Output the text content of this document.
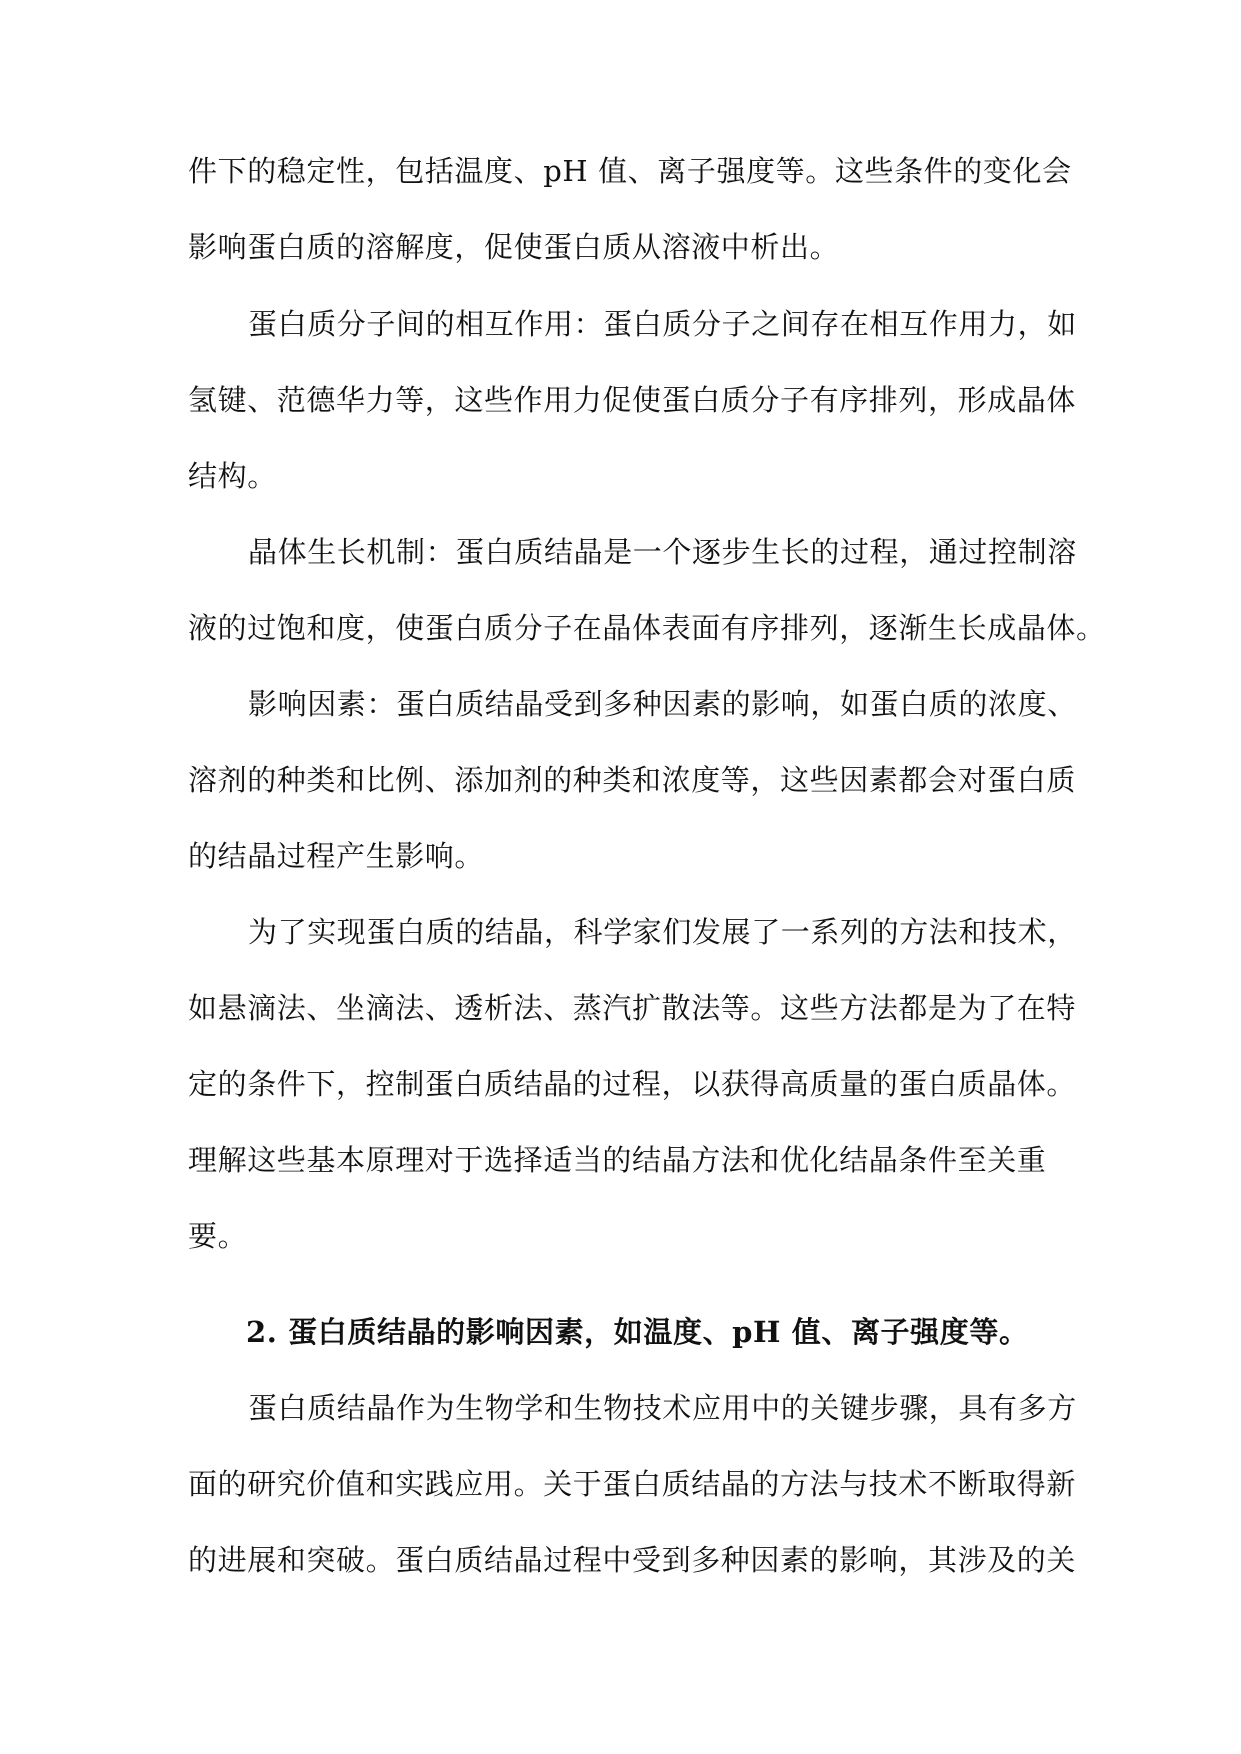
件下的稳定性，包括温度、pH 值、离子强度等。这些条件的变化会
影响蛋白质的溶解度，促使蛋白质从溶液中析出。
蛋白质分子间的相互作用：蛋白质分子之间存在相互作用力，如
氢键、范德华力等，这些作用力促使蛋白质分子有序排列，形成晶体
结构。
晶体生长机制：蛋白质结晶是一个逐步生长的过程，通过控制溶
液的过饱和度，使蛋白质分子在晶体表面有序排列，逐渐生长成晶体。
影响因素：蛋白质结晶受到多种因素的影响，如蛋白质的浓度、
溶剂的种类和比例、添加剂的种类和浓度等，这些因素都会对蛋白质
的结晶过程产生影响。
为了实现蛋白质的结晶，科学家们发展了一系列的方法和技术，
如悬滴法、坐滴法、透析法、蒸汽扩散法等。这些方法都是为了在特
定的条件下，控制蛋白质结晶的过程，以获得高质量的蛋白质晶体。
理解这些基本原理对于选择适当的结晶方法和优化结晶条件至关重
要。
2. 蛋白质结晶的影响因素，如温度、pH 值、离子强度等。
蛋白质结晶作为生物学和生物技术应用中的关键步骤，具有多方
面的研究价值和实践应用。关于蛋白质结晶的方法与技术不断取得新
的进展和突破。蛋白质结晶过程中受到多种因素的影响，其涉及的关
